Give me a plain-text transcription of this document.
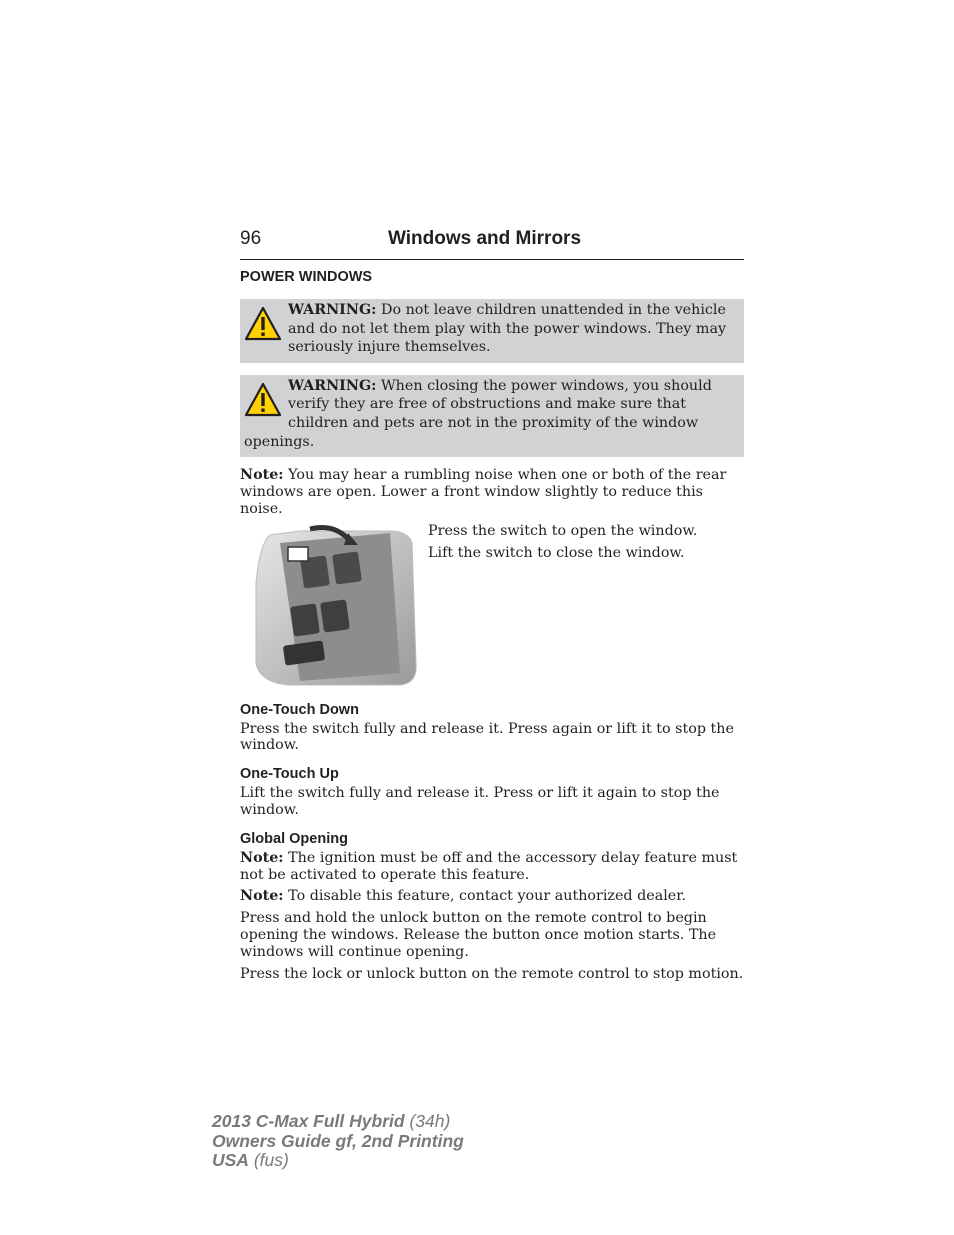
96	Windows and Mirrors
POWER WINDOWS
WARNING: Do not leave children unattended in the vehicle and do not let them play with the power windows. They may seriously injure themselves.
WARNING: When closing the power windows, you should verify they are free of obstructions and make sure that children and pets are not in the proximity of the window openings.

Note: You may hear a rumbling noise when one or both of the rear windows are open. Lower a front window slightly to reduce this noise.

Press the switch to open the window.
Lift the switch to close the window.
One-Touch Down

Press the switch fully and release it. Press again or lift it to stop the window.

One-Touch Up

Lift the switch fully and release it. Press or lift it again to stop the window.

Global Opening

Note: The ignition must be off and the accessory delay feature must not be activated to operate this feature.

Note: To disable this feature, contact your authorized dealer.

Press and hold the unlock button on the remote control to begin opening the windows. Release the button once motion starts. The windows will continue opening.

Press the lock or unlock button on the remote control to stop motion.

2013 C-Max Full Hybrid (34h)
Owners Guide gf, 2nd Printing
USA (fus)
